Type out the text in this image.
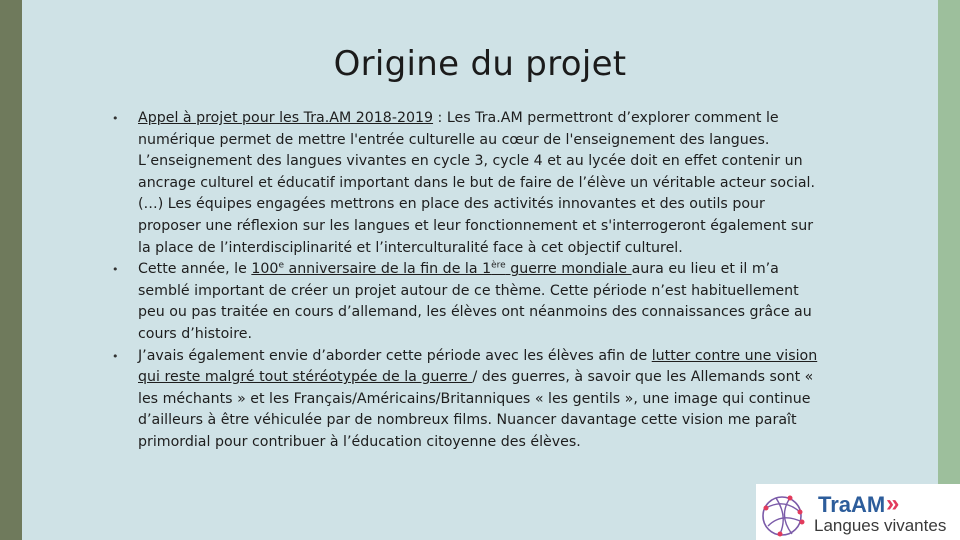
Origine du projet
•	Appel à projet pour les Tra.AM 2018-2019 : Les Tra.AM permettront d’explorer comment le numérique permet de mettre l'entrée culturelle au cœur de l'enseignement des langues. L’enseignement des langues vivantes en cycle 3, cycle 4 et au lycée doit en effet contenir un ancrage culturel et éducatif important dans le but de faire de l’élève un véritable acteur social. (…) Les équipes engagées mettrons en place des activités innovantes et des outils pour proposer une réflexion sur les langues et leur fonctionnement et s'interrogeront également sur la place de l’interdisciplinarité et l’interculturalité face à cet objectif culturel.
•	Cette année, le 100e anniversaire de la fin de la 1ère guerre mondiale aura eu lieu et il m’a semblé important de créer un projet autour de ce thème. Cette période n’est habituellement peu ou pas traitée en cours d’allemand, les élèves ont néanmoins des connaissances grâce au cours d’histoire.
•	J’avais également envie d’aborder cette période avec les élèves afin de lutter contre une vision qui reste malgré tout stéréotypée de la guerre / des guerres, à savoir que les Allemands sont « les méchants » et les Français/Américains/Britanniques « les gentils », une image qui continue d’ailleurs à être véhiculée par de nombreux films. Nuancer davantage cette vision me paraît primordial pour contribuer à l’éducation citoyenne des élèves.
TraAM »
Langues vivantes
